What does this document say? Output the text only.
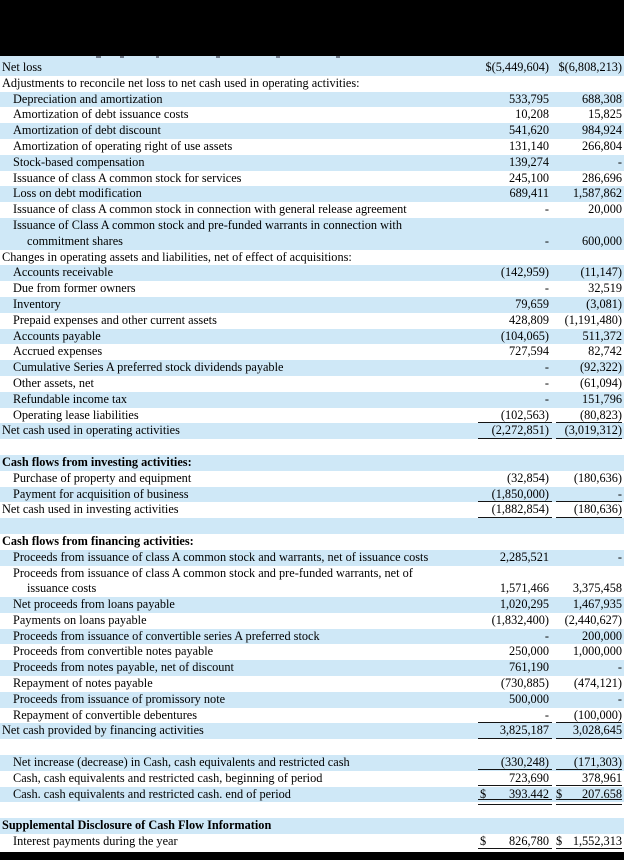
Net loss	$(5,449,604) $(6,808,213)
Adjustments to reconcile net loss to net cash used in operating activities:
Depreciation and amortization	533,795	688,308
Amortization of debt issuance costs	10,208	15,825
Amortization of debt discount	541,620	984,924
Amortization of operating right of use assets	131,140	266,804
Stock-based compensation	139,274	-
Issuance of class A common stock for services	245,100	286,696
Loss on debt modification	689,411	1,587,862
Issuance of class A common stock in connection with general release agreement	-	20,000
Issuance of Class A common stock and pre-funded warrants in connection with
commitment shares	-	600,000
Changes in operating assets and liabilities, net of effect of acquisitions:
Accounts receivable	(142,959)	(11,147)
Due from former owners	-	32,519
Inventory	79,659	(3,081)
Prepaid expenses and other current assets	428,809	(1,191,480)
Accounts payable	(104,065)	511,372
Accrued expenses	727,594	82,742
Cumulative Series A preferred stock dividends payable	-	(92,322)
Other assets, net	-	(61,094)
Refundable income tax	-	151,796
Operating lease liabilities	(102,563)	(80,823)
Net cash used in operating activities	(2,272,851)	(3,019,312)
Cash flows from investing activities:
Purchase of property and equipment	(32,854)	(180,636)
Payment for acquisition of business	(1,850,000)	-
Net cash used in investing activities	(1,882,854)	(180,636)
Cash flows from financing activities:
Proceeds from issuance of class A common stock and warrants, net of issuance costs	2,285,521	-
Proceeds from issuance of class A common stock and pre-funded warrants, net of
issuance costs	1,571,466	3,375,458
Net proceeds from loans payable	1,020,295	1,467,935
Payments on loans payable	(1,832,400)	(2,440,627)
Proceeds from issuance of convertible series A preferred stock	-	200,000
Proceeds from convertible notes payable	250,000	1,000,000
Proceeds from notes payable, net of discount	761,190	-
Repayment of notes payable	(730,885)	(474,121)
Proceeds from issuance of promissory note	500,000	-
Repayment of convertible debentures	-	(100,000)
Net cash provided by financing activities	3,825,187	3,028,645
Net increase (decrease) in Cash, cash equivalents and restricted cash	(330,248)	(171,303)
Cash, cash equivalents and restricted cash, beginning of period	723,690	378,961
Cash. cash equivalents and restricted cash. end of period	$ 393.442 $ 207.658
Supplemental Disclosure of Cash Flow Information
Interest payments during the year	$ 826,780 $ 1,552,313
